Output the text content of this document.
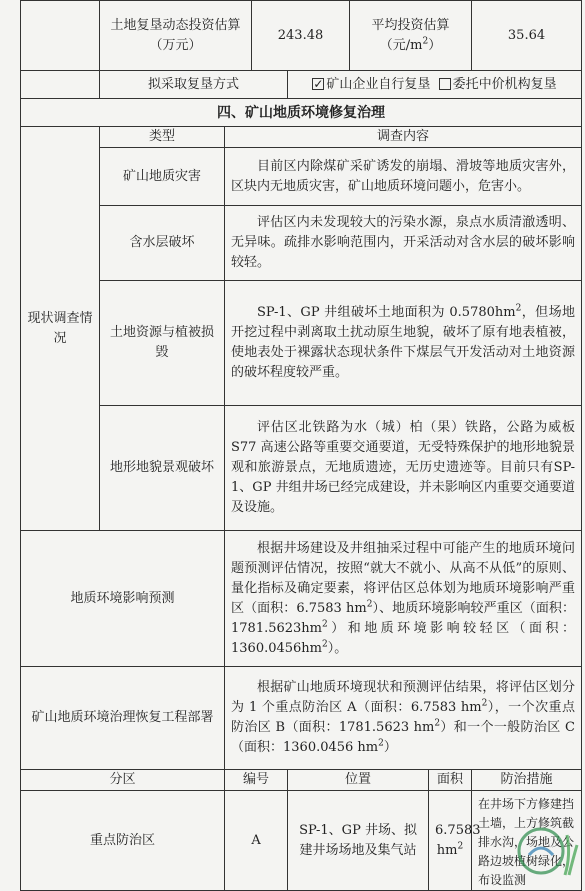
	土地复垦动态投资估算（万元）		243.48		平均投资估算（元$/m^2$）		35.64
	拟采取复垦方式	✓矿山企业自行复垦 委托中价机构复垦
四、矿山地质环境修复治理							
现状调查情况	类型	调查内容					
	矿山地质灾害	目前区内除煤矿采矿诱发的崩塌、滑坡等地质灾害外，区块内无地质灾害，矿山地质环境问题小，危害小。					
	含水层破坏	评估区内未发现较大的污染水源，泉点水质清澈透明、无异味。疏排水影响范围内，开采活动对含水层的破坏影响较轻。					
	土地资源与植被损毁	SP-1、GP 井组破坏土地面积为 $0.5780hm^2$，但场地开挖过程中剥离取土扰动原生地貌，破坏了原有地表植被，使地表处于裸露状态现状条件下煤层气开发活动对土地资源的破坏程度较严重。					
	地形地貌景观破坏	评估区北铁路为水（城）柏（果）铁路，公路为威板S77 高速公路等重要交通要道，无受特殊保护的地形地貌景观和旅游景点，无地质遗迹，无历史遗迹等。目前只有SP-1、GP 井组井场已经完成建设，并未影响区内重要交通要道及设施。					
地质环境影响预测		根据井场建设及井组抽采过程中可能产生的地质环境问题预测评估情况，按照“就大不就小、从高不从低”的原则、量化指标及确定要素，将评估区总体划为地质环境影响严重区（面积：6.7583 $hm^2$）、地质环境影响较严重区（面积：$1781.5623hm^2$）和地质环境影响较轻区（面积：$1360.0456hm^2$）。					
矿山地质环境治理恢复工程部署		根据矿山地质环境现状和预测评估结果，将评估区划分为 1 个重点防治区 A（面积：6.7583 $hm^2$），一个次重点防治区 B（面积：1781.5623 $hm^2$）和一个一般防治区 C（面积：1360.0456 $hm^2$）					
分区		编号		位置		面积	防治措施
重点防治区		A		SP-1、GP 井场、拟建井场场地及集气站		6.7583 $hm^2$	在井场下方修建挡土墙，上方修筑截排水沟，场地及公路边坡植树绿化，布设监测
